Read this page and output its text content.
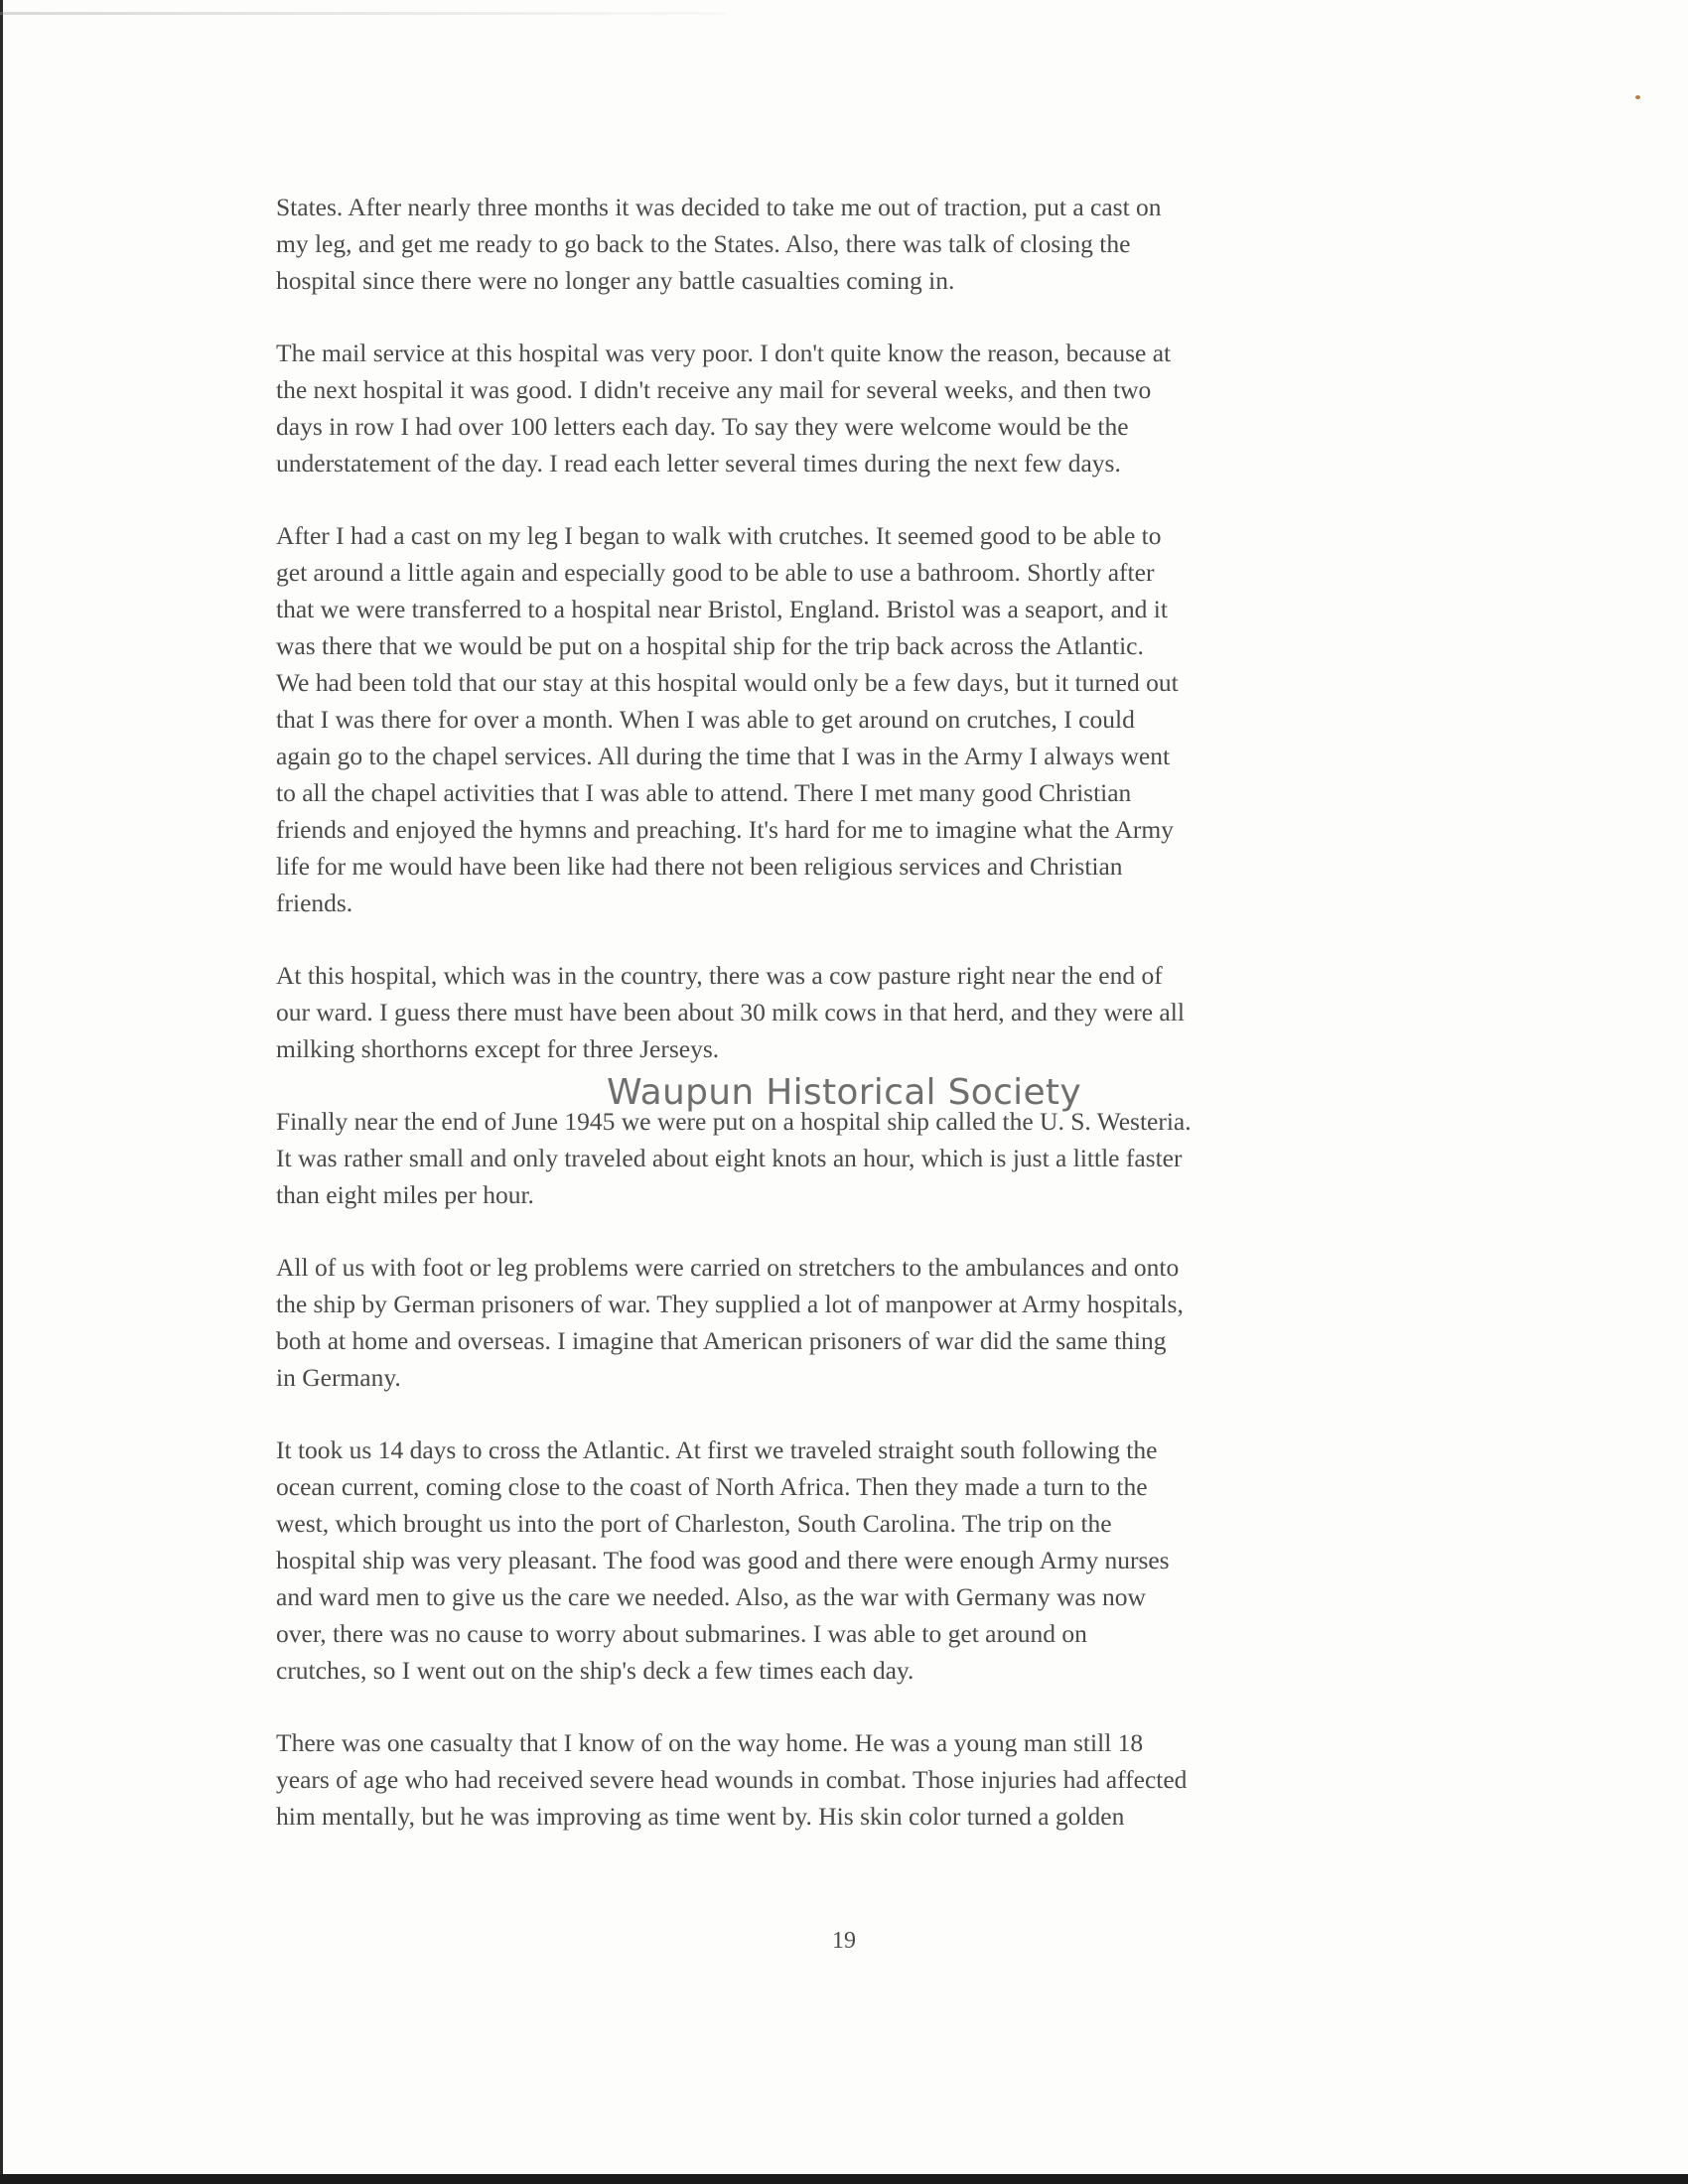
States. After nearly three months it was decided to take me out of traction, put a cast on
my leg, and get me ready to go back to the States. Also, there was talk of closing the
hospital since there were no longer any battle casualties coming in.
The mail service at this hospital was very poor. I don't quite know the reason, because at
the next hospital it was good. I didn't receive any mail for several weeks, and then two
days in row I had over 100 letters each day. To say they were welcome would be the
understatement of the day. I read each letter several times during the next few days.
After I had a cast on my leg I began to walk with crutches. It seemed good to be able to
get around a little again and especially good to be able to use a bathroom. Shortly after
that we were transferred to a hospital near Bristol, England. Bristol was a seaport, and it
was there that we would be put on a hospital ship for the trip back across the Atlantic.
We had been told that our stay at this hospital would only be a few days, but it turned out
that I was there for over a month. When I was able to get around on crutches, I could
again go to the chapel services. All during the time that I was in the Army I always went
to all the chapel activities that I was able to attend. There I met many good Christian
friends and enjoyed the hymns and preaching. It's hard for me to imagine what the Army
life for me would have been like had there not been religious services and Christian
friends.
At this hospital, which was in the country, there was a cow pasture right near the end of
our ward. I guess there must have been about 30 milk cows in that herd, and they were all
milking shorthorns except for three Jerseys.
Finally near the end of June 1945 we were put on a hospital ship called the U. S. Westeria.
It was rather small and only traveled about eight knots an hour, which is just a little faster
than eight miles per hour.
All of us with foot or leg problems were carried on stretchers to the ambulances and onto
the ship by German prisoners of war. They supplied a lot of manpower at Army hospitals,
both at home and overseas. I imagine that American prisoners of war did the same thing
in Germany.
It took us 14 days to cross the Atlantic. At first we traveled straight south following the
ocean current, coming close to the coast of North Africa. Then they made a turn to the
west, which brought us into the port of Charleston, South Carolina. The trip on the
hospital ship was very pleasant. The food was good and there were enough Army nurses
and ward men to give us the care we needed. Also, as the war with Germany was now
over, there was no cause to worry about submarines. I was able to get around on
crutches, so I went out on the ship's deck a few times each day.
There was one casualty that I know of on the way home. He was a young man still 18
years of age who had received severe head wounds in combat. Those injuries had affected
him mentally, but he was improving as time went by. His skin color turned a golden
Waupun Historical Society
19
